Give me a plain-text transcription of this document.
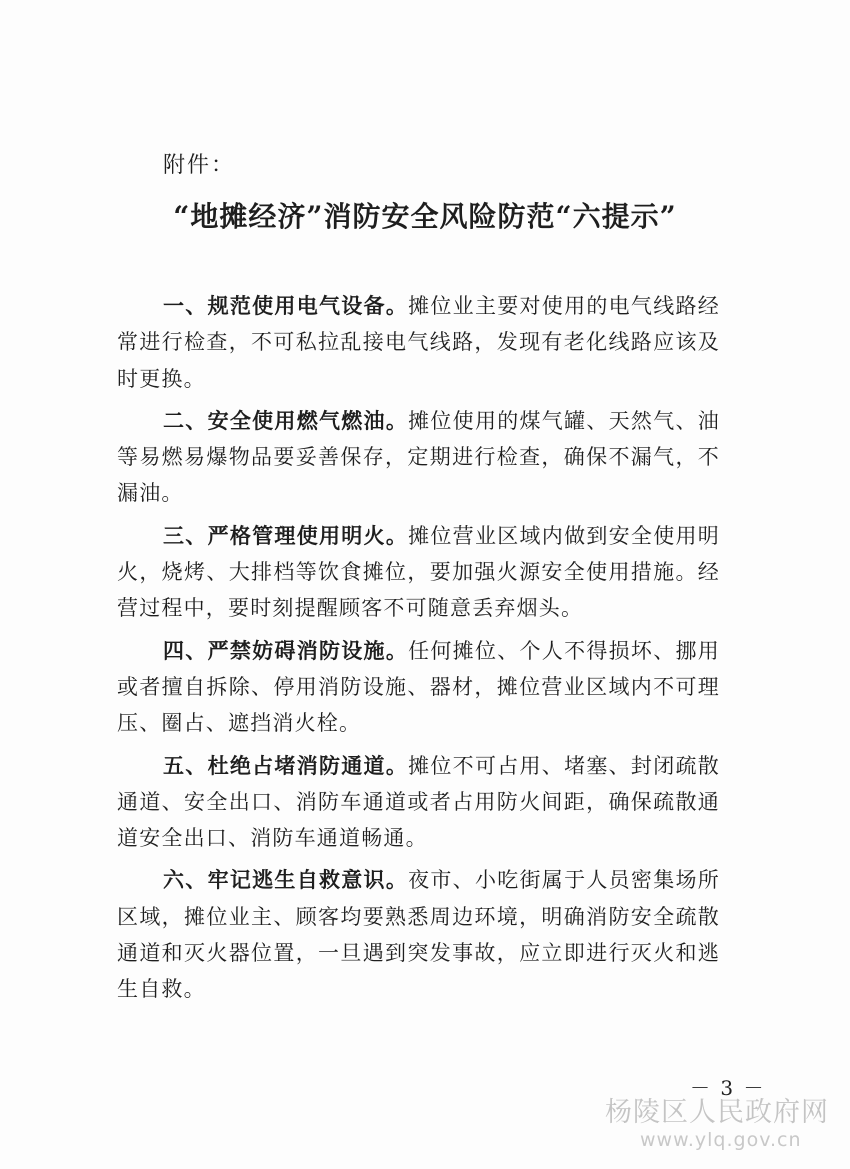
附件：
“地摊经济”消防安全风险防范“六提示”

一、规范使用电气设备。摊位业主要对使用的电气线路经常进行检查，不可私拉乱接电气线路，发现有老化线路应该及时更换。

二、安全使用燃气燃油。摊位使用的煤气罐、天然气、油等易燃易爆物品要妥善保存，定期进行检查，确保不漏气，不漏油。

三、严格管理使用明火。摊位营业区域内做到安全使用明火，烧烤、大排档等饮食摊位，要加强火源安全使用措施。经营过程中，要时刻提醒顾客不可随意丢弃烟头。

四、严禁妨碍消防设施。任何摊位、个人不得损坏、挪用或者擅自拆除、停用消防设施、器材，摊位营业区域内不可理压、圈占、遮挡消火栓。

五、杜绝占堵消防通道。摊位不可占用、堵塞、封闭疏散通道、安全出口、消防车通道或者占用防火间距，确保疏散通道安全出口、消防车通道畅通。

六、牢记逃生自救意识。夜市、小吃街属于人员密集场所区域，摊位业主、顾客均要熟悉周边环境，明确消防安全疏散通道和灭火器位置，一旦遇到突发事故，应立即进行灭火和逃生自救。

－ 3 －
杨陵区人民政府网
www.ylq.gov.cn
